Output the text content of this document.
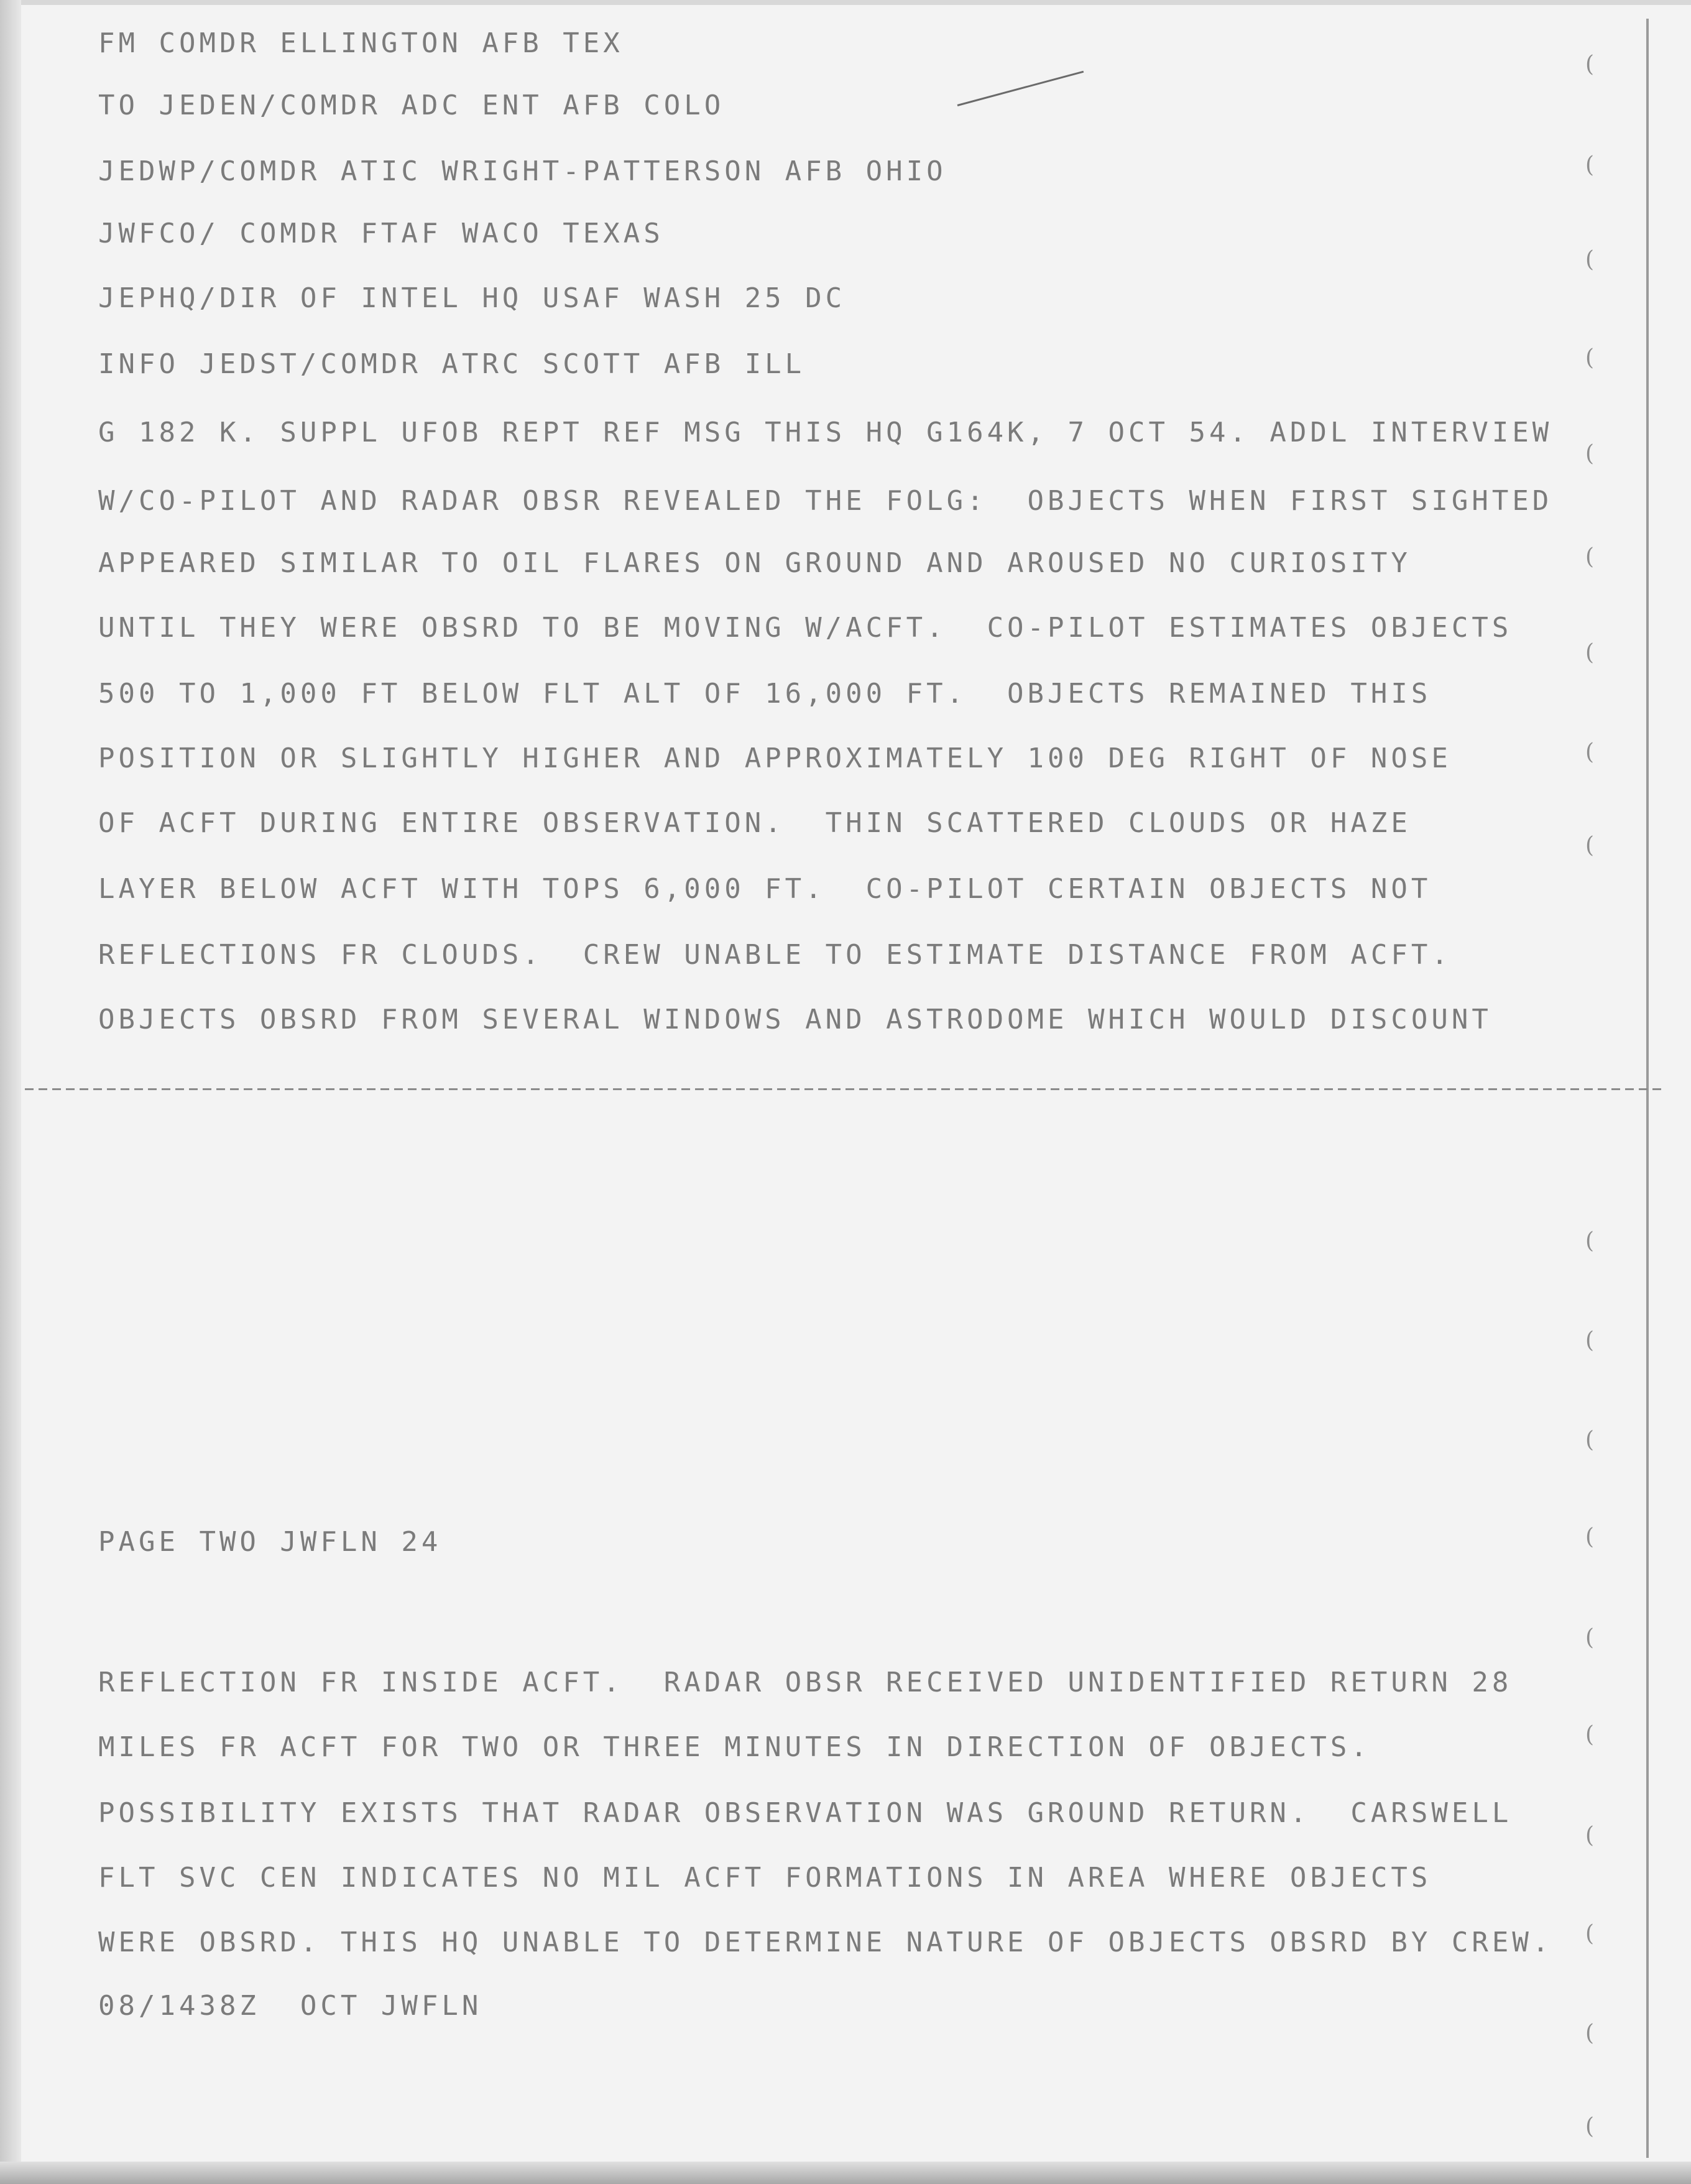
FM COMDR ELLINGTON AFB TEX

TO JEDEN/COMDR ADC ENT AFB COLO

JEDWP/COMDR ATIC WRIGHT-PATTERSON AFB OHIO

JWFCO/ COMDR FTAF WACO TEXAS

JEPHQ/DIR OF INTEL HQ USAF WASH 25 DC

INFO JEDST/COMDR ATRC SCOTT AFB ILL

G 182 K. SUPPL UFOB REPT REF MSG THIS HQ G164K, 7 OCT 54. ADDL INTERVIEW

W/CO-PILOT AND RADAR OBSR REVEALED THE FOLG:  OBJECTS WHEN FIRST SIGHTED

APPEARED SIMILAR TO OIL FLARES ON GROUND AND AROUSED NO CURIOSITY

UNTIL THEY WERE OBSRD TO BE MOVING W/ACFT.  CO-PILOT ESTIMATES OBJECTS

500 TO 1,000 FT BELOW FLT ALT OF 16,000 FT.  OBJECTS REMAINED THIS

POSITION OR SLIGHTLY HIGHER AND APPROXIMATELY 100 DEG RIGHT OF NOSE

OF ACFT DURING ENTIRE OBSERVATION.  THIN SCATTERED CLOUDS OR HAZE

LAYER BELOW ACFT WITH TOPS 6,000 FT.  CO-PILOT CERTAIN OBJECTS NOT

REFLECTIONS FR CLOUDS.  CREW UNABLE TO ESTIMATE DISTANCE FROM ACFT.

OBJECTS OBSRD FROM SEVERAL WINDOWS AND ASTRODOME WHICH WOULD DISCOUNT

PAGE TWO JWFLN 24

REFLECTION FR INSIDE ACFT.  RADAR OBSR RECEIVED UNIDENTIFIED RETURN 28

MILES FR ACFT FOR TWO OR THREE MINUTES IN DIRECTION OF OBJECTS.

POSSIBILITY EXISTS THAT RADAR OBSERVATION WAS GROUND RETURN.  CARSWELL

FLT SVC CEN INDICATES NO MIL ACFT FORMATIONS IN AREA WHERE OBJECTS

WERE OBSRD. THIS HQ UNABLE TO DETERMINE NATURE OF OBJECTS OBSRD BY CREW.

08/1438Z  OCT JWFLN

(
(
(
(
(
(
(
(
(
(
(
(
(
(
(
(
(
(
(
